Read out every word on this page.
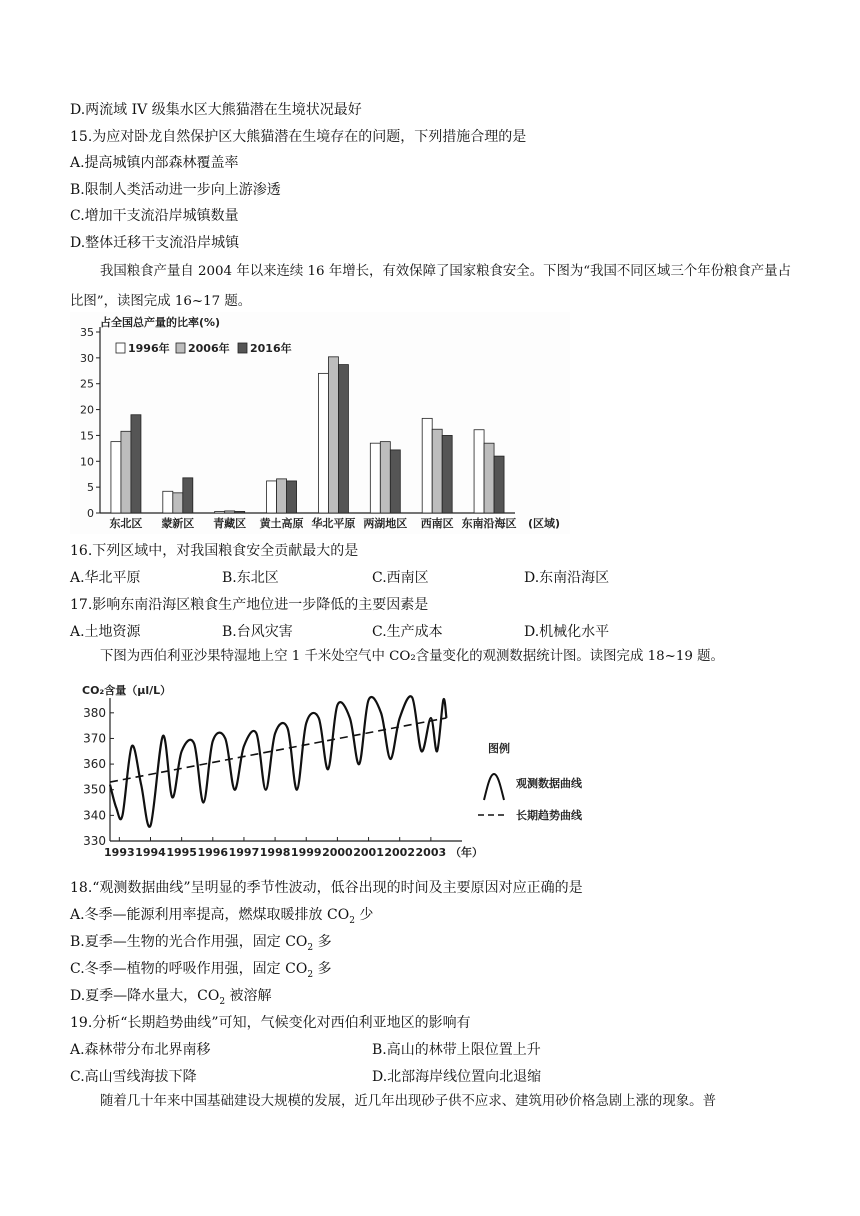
D.两流域 IV 级集水区大熊猫潜在生境状况最好
15.为应对卧龙自然保护区大熊猫潜在生境存在的问题，下列措施合理的是
A.提高城镇内部森林覆盖率
B.限制人类活动进一步向上游渗透
C.增加干支流沿岸城镇数量
D.整体迁移干支流沿岸城镇
我国粮食产量自 2004 年以来连续 16 年增长，有效保障了国家粮食安全。下图为“我国不同区域三个年份粮食产量占比图”，读图完成 16~17 题。
0
5
10
15
20
25
30
35
占全国总产量的比率(%)
东北区 蒙新区 青藏区 黄土高原 华北平原 两湖地区 西南区 东南沿海区 (区域)
1996年 2006年 2016年
16.下列区域中，对我国粮食安全贡献最大的是
A.华北平原	B.东北区	C.西南区	D.东南沿海区
17.影响东南沿海区粮食生产地位进一步降低的主要因素是
A.土地资源	B.台风灾害	C.生产成本	D.机械化水平
下图为西伯利亚沙果特湿地上空 1 千米处空气中 CO₂含量变化的观测数据统计图。读图完成 18~19 题。
CO₂含量（μl/L）
330
340
350
360
370
380
1993 1994 1995 1996 1997 1998 1999 2000 2001 2002 2003 （年）
图例
观测数据曲线
长期趋势曲线
18.“观测数据曲线”呈明显的季节性波动，低谷出现的时间及主要原因对应正确的是
A.冬季—能源利用率提高，燃煤取暖排放 $CO_2$ 少
B.夏季—生物的光合作用强，固定 $CO_2$ 多
C.冬季—植物的呼吸作用强，固定 $CO_2$ 多
D.夏季—降水量大，$CO_2$ 被溶解
19.分析“长期趋势曲线”可知，气候变化对西伯利亚地区的影响有
A.森林带分布北界南移	B.高山的林带上限位置上升
C.高山雪线海拔下降	D.北部海岸线位置向北退缩
随着几十年来中国基础建设大规模的发展，近几年出现砂子供不应求、建筑用砂价格急剧上涨的现象。普
